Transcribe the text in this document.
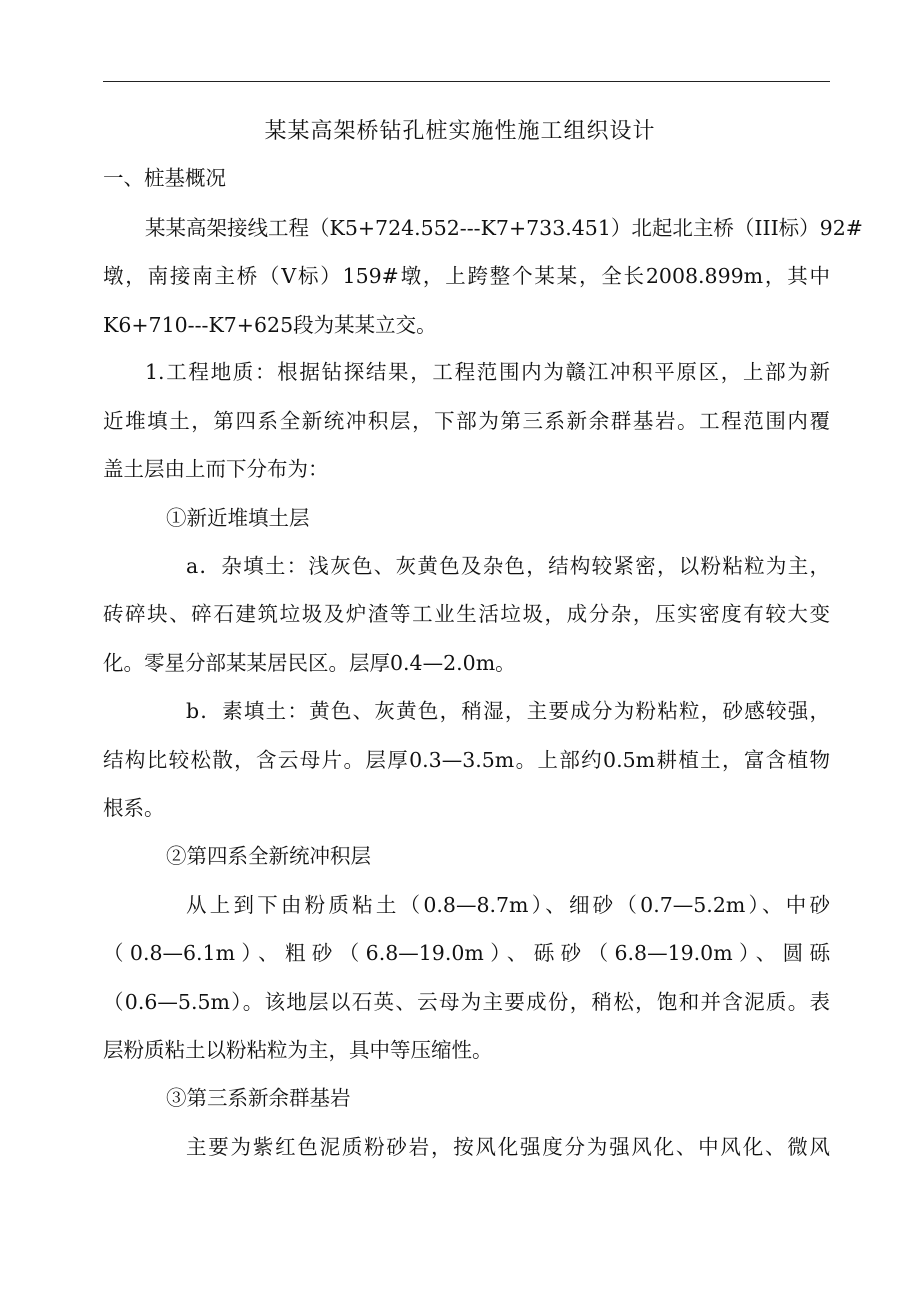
某某高架桥钻孔桩实施性施工组织设计

一、桩基概况

某某高架接线工程（K5+724.552---K7+733.451）北起北主桥（III标）92#

墩，南接南主桥（Ⅴ标）159#墩，上跨整个某某，全长2008.899m，其中

K6+710---K7+625段为某某立交。

1.工程地质：根据钻探结果，工程范围内为赣江冲积平原区，上部为新

近堆填土，第四系全新统冲积层，下部为第三系新余群基岩。工程范围内覆

盖土层由上而下分布为：

①新近堆填土层

a．杂填土：浅灰色、灰黄色及杂色，结构较紧密，以粉粘粒为主，

砖碎块、碎石建筑垃圾及炉渣等工业生活垃圾，成分杂，压实密度有较大变

化。零星分部某某居民区。层厚0.4—2.0m。

b．素填土：黄色、灰黄色，稍湿，主要成分为粉粘粒，砂感较强，

结构比较松散，含云母片。层厚0.3—3.5m。上部约0.5m耕植土，富含植物

根系。

②第四系全新统冲积层

从上到下由粉质粘土（0.8—8.7m）、细砂（0.7—5.2m）、中砂

（0.8—6.1m）、粗砂（6.8—19.0m）、砾砂（6.8—19.0m）、圆砾

（0.6—5.5m）。该地层以石英、云母为主要成份，稍松，饱和并含泥质。表

层粉质粘土以粉粘粒为主，具中等压缩性。

③第三系新余群基岩

主要为紫红色泥质粉砂岩，按风化强度分为强风化、中风化、微风
